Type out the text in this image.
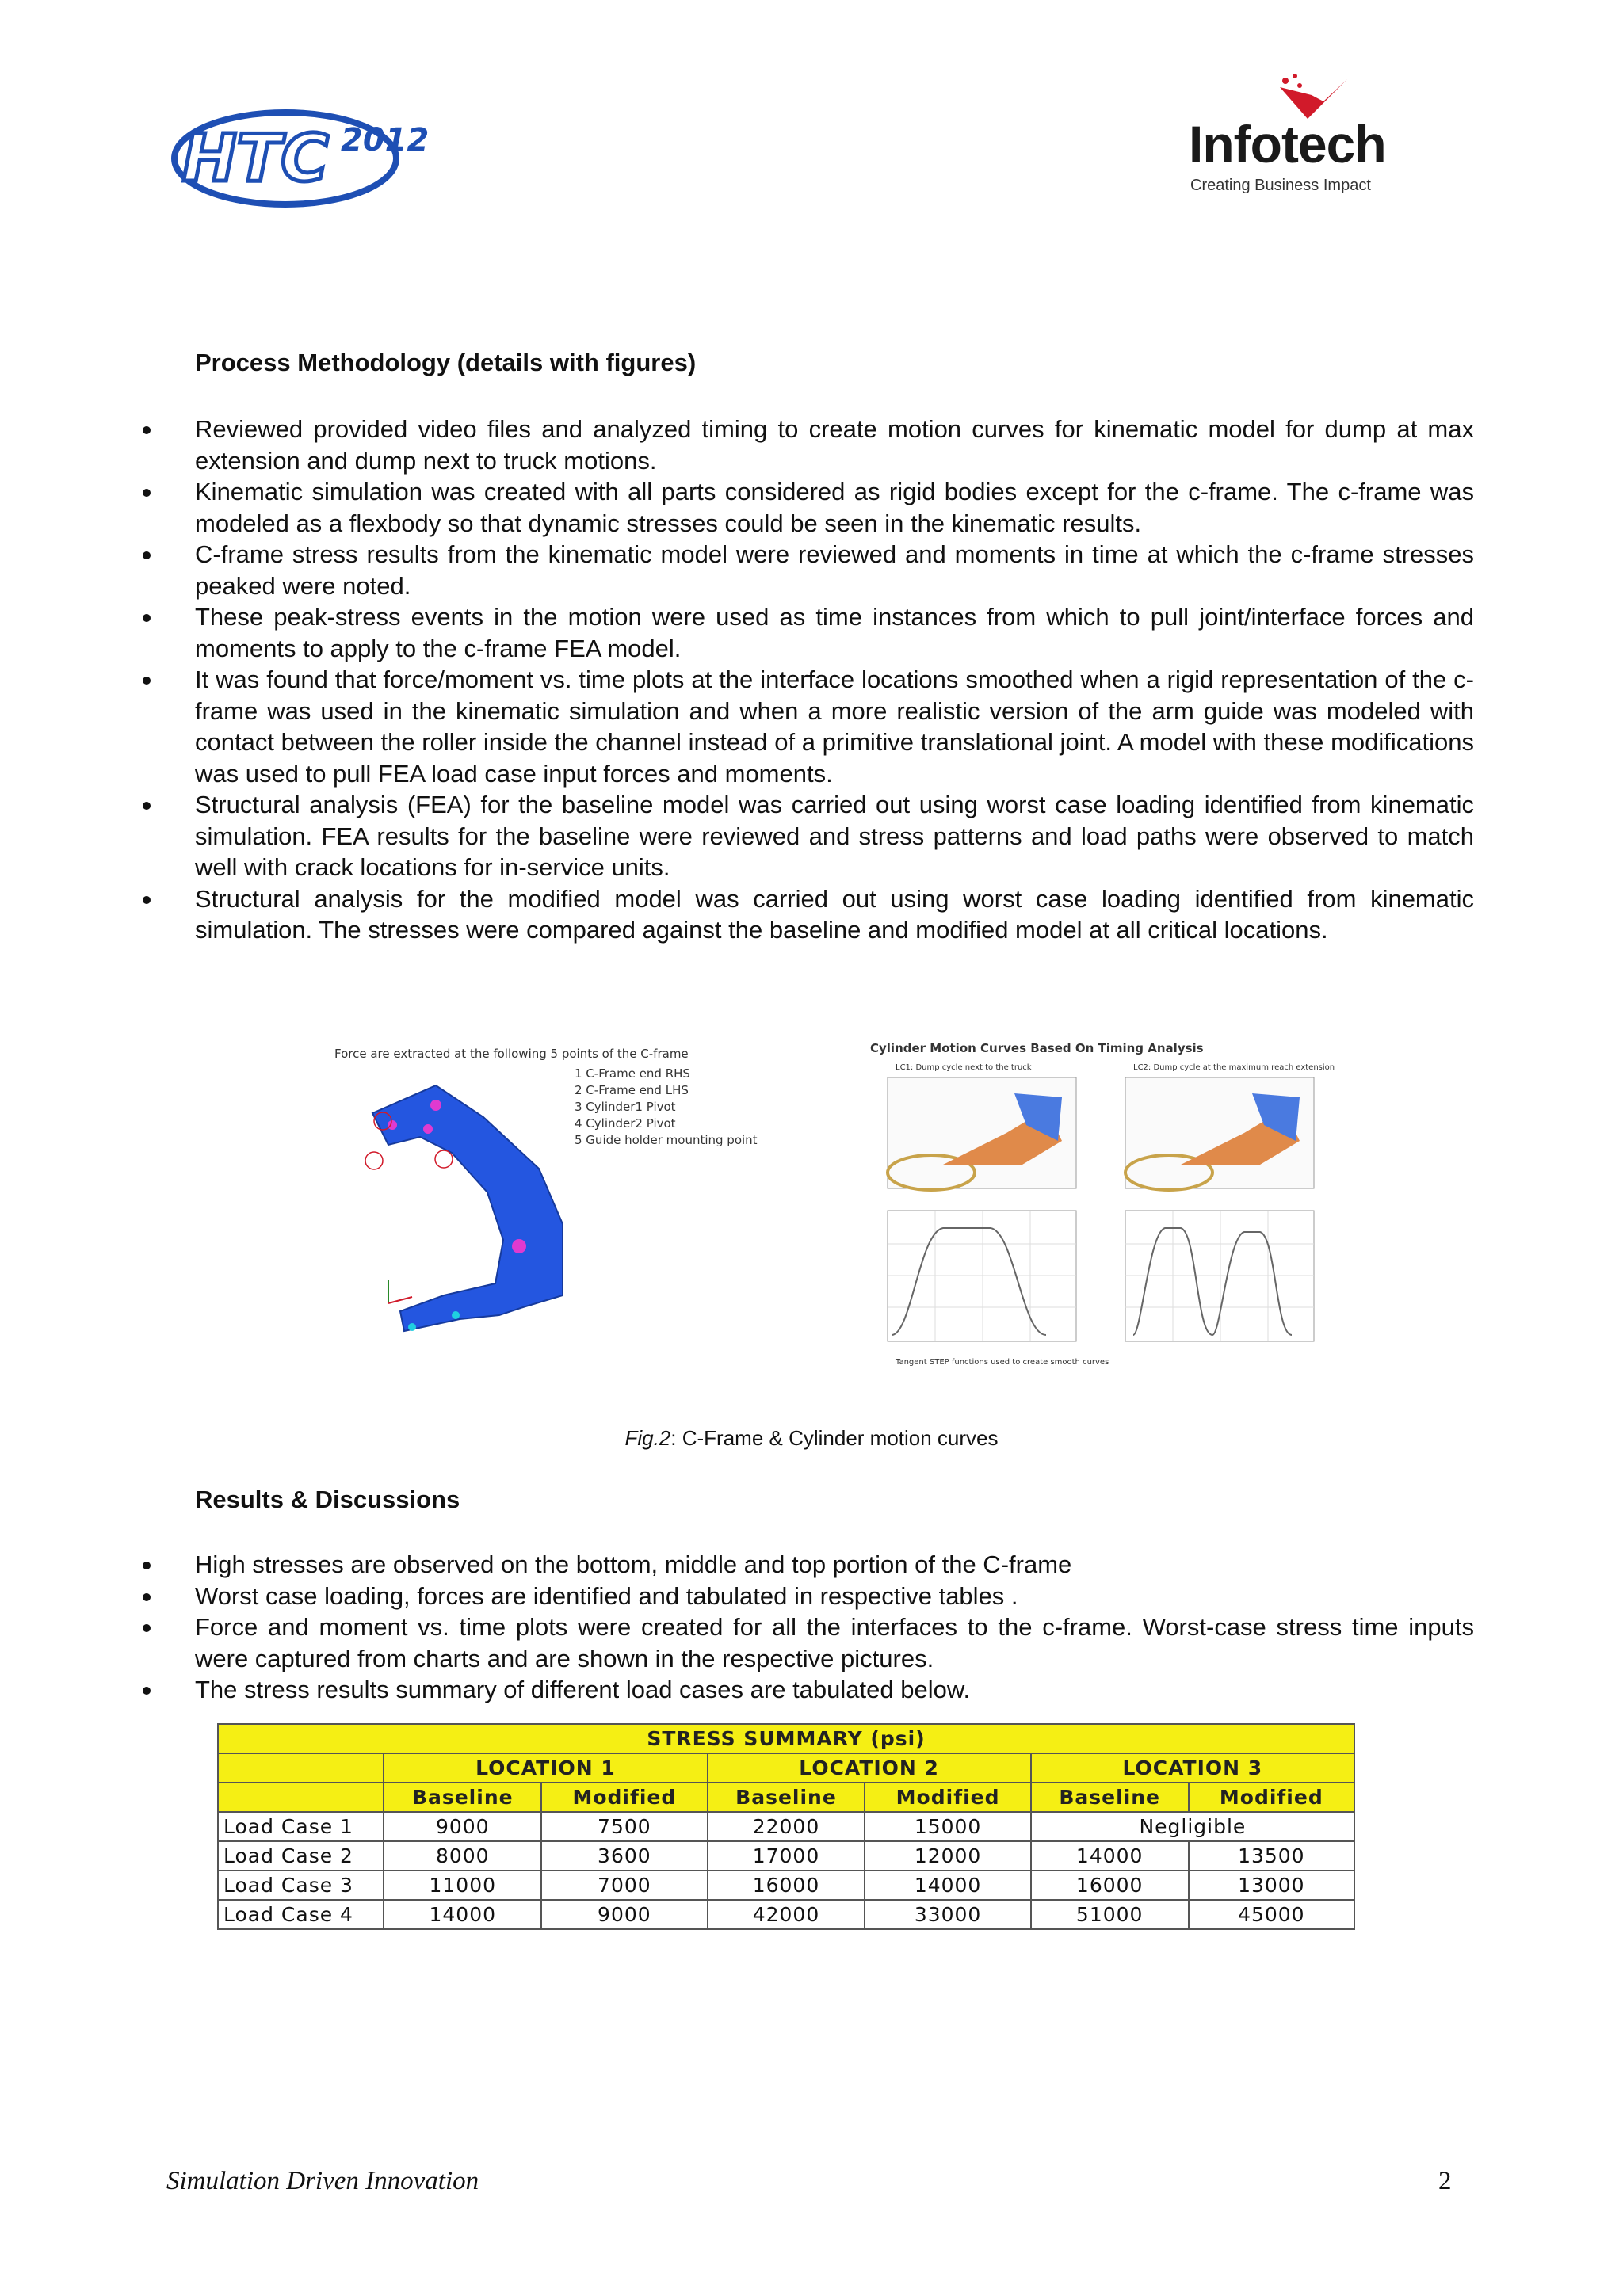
HTC 2012	Infotech
Creating Business Impact
Process Methodology (details with figures)
Reviewed provided video files and analyzed timing to create motion curves for kinematic model for dump at max extension and dump next to truck motions.
Kinematic simulation was created with all parts considered as rigid bodies except for the c-frame. The c-frame was modeled as a flexbody so that dynamic stresses could be seen in the kinematic results.
C-frame stress results from the kinematic model were reviewed and moments in time at which the c-frame stresses peaked were noted.
These peak-stress events in the motion were used as time instances from which to pull joint/interface forces and moments to apply to the c-frame FEA model.
It was found that force/moment vs. time plots at the interface locations smoothed when a rigid representation of the c-frame was used in the kinematic simulation and when a more realistic version of the arm guide was modeled with contact between the roller inside the channel instead of a primitive translational joint. A model with these modifications was used to pull FEA load case input forces and moments.
Structural analysis (FEA) for the baseline model was carried out using worst case loading identified from kinematic simulation. FEA results for the baseline were reviewed and stress patterns and load paths were observed to match well with crack locations for in-service units.
Structural analysis for the modified model was carried out using worst case loading identified from kinematic simulation. The stresses were compared against the baseline and modified model at all critical locations.
Force are extracted at the following 5 points of the C-frame
1 C-Frame end RHS
2 C-Frame end LHS
3 Cylinder1 Pivot
4 Cylinder2 Pivot
5 Guide holder mounting point
Cylinder Motion Curves Based On Timing Analysis
LC1: Dump cycle next to the truck	LC2: Dump cycle at the maximum reach extension
Tangent STEP functions used to create smooth curves
Fig.2: C-Frame & Cylinder motion curves
Results & Discussions
High stresses are observed on the bottom, middle and top portion of the C-frame
Worst case loading, forces are identified and tabulated in respective tables .
Force and moment vs. time plots were created for all the interfaces to the c-frame. Worst-case stress time inputs were captured from charts and are shown in the respective pictures.
The stress results summary of different load cases are tabulated below.
STRESS SUMMARY (psi)						
	LOCATION 1		LOCATION 2		LOCATION 3	
	Baseline	Modified	Baseline	Modified	Baseline	Modified
Load Case 1	9000	7500	22000	15000	Negligible	
Load Case 2	8000	3600	17000	12000	14000	13500
Load Case 3	11000	7000	16000	14000	16000	13000
Load Case 4	14000	9000	42000	33000	51000	45000
Simulation Driven Innovation	2
